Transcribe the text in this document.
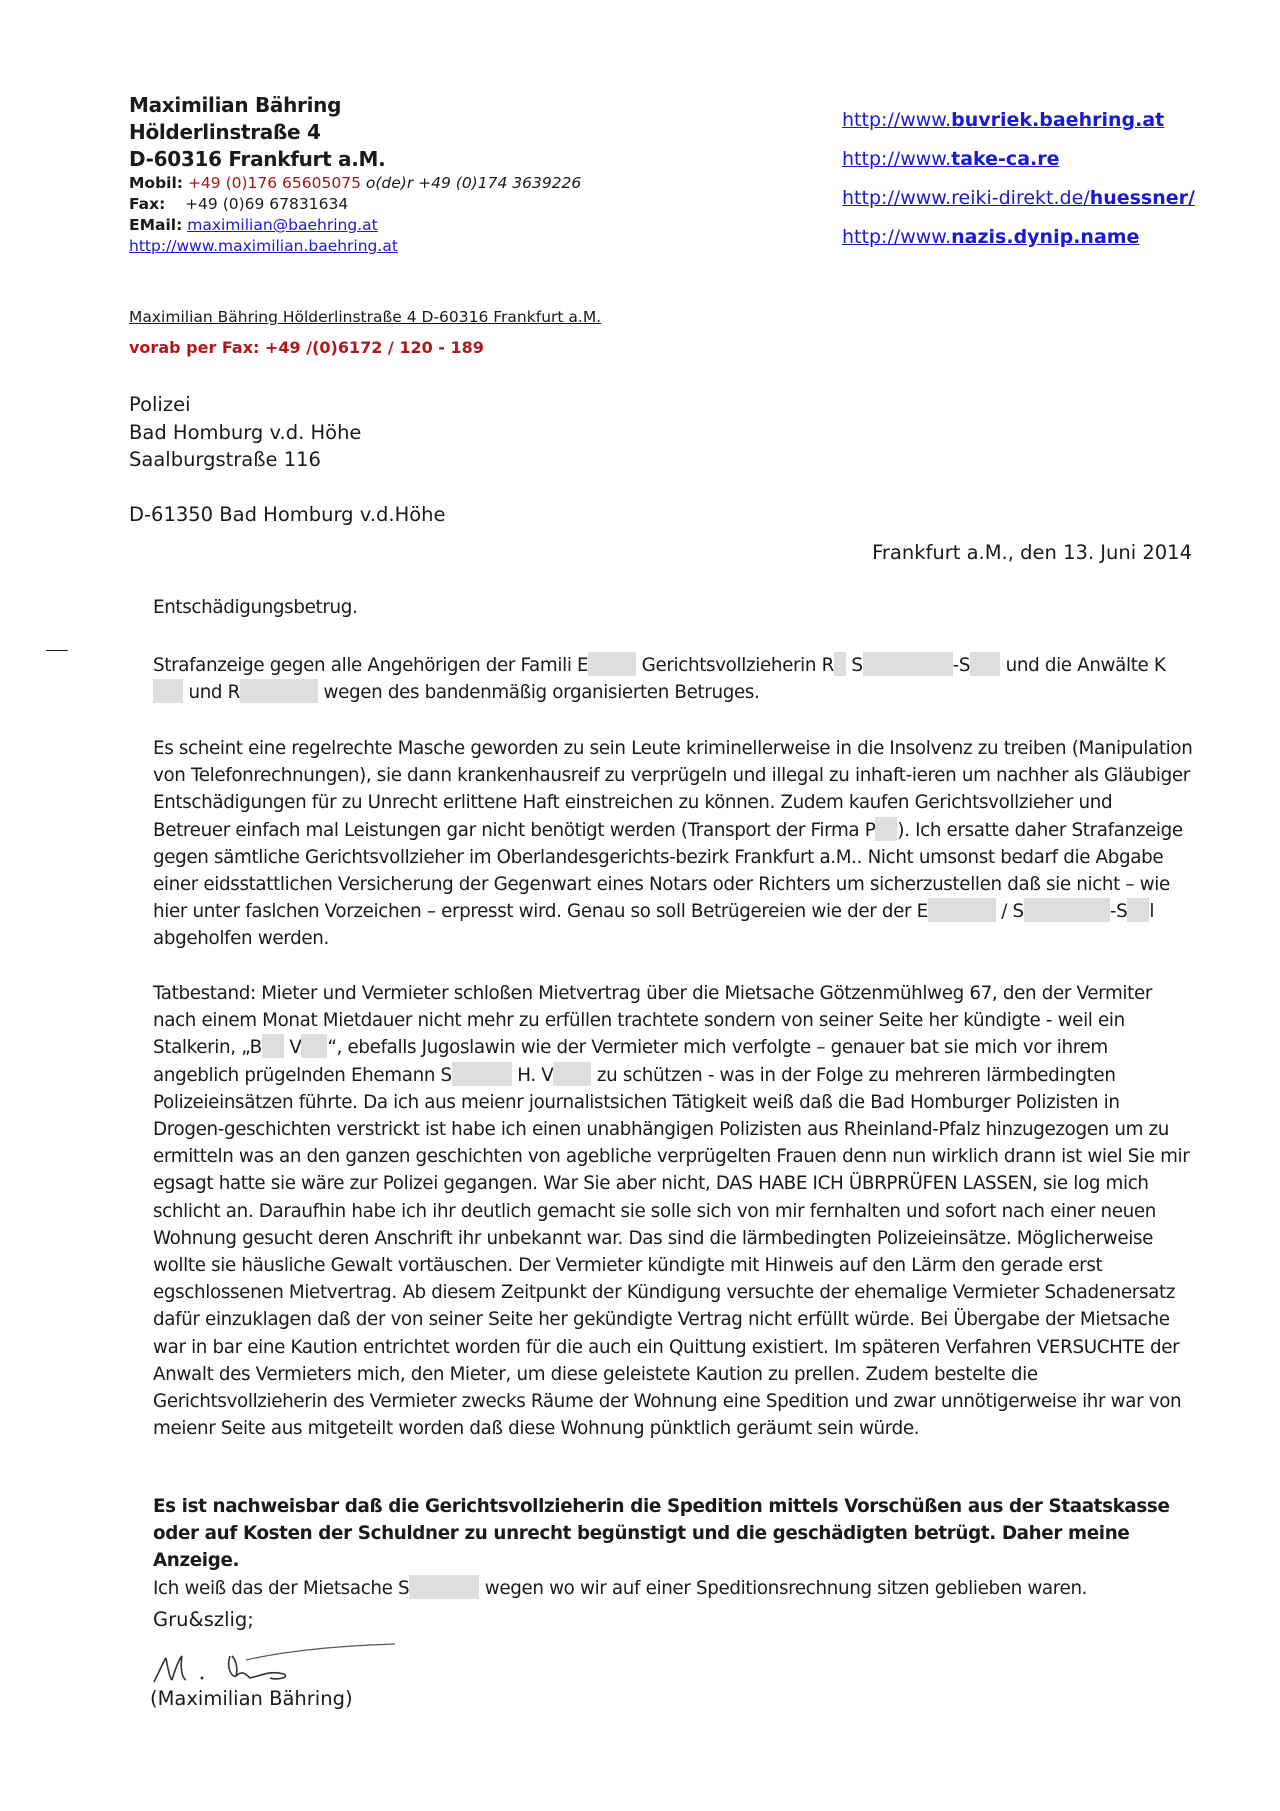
Maximilian Bähring
Hölderlinstraße 4
D-60316 Frankfurt a.M.
Mobil: +49 (0)176 65605075 o(de)r +49 (0)174 3639226
Fax: +49 (0)69 67831634
EMail: maximilian@baehring.at
http://www.maximilian.baehring.at
http://www.buvriek.baehring.at
http://www.take-ca.re
http://www.reiki-direkt.de/huessner/
http://www.nazis.dynip.name
Maximilian Bähring Hölderlinstraße 4 D-60316 Frankfurt a.M.
vorab per Fax: +49 /(0)6172 / 120 - 189
Polizei
Bad Homburg v.d. Höhe
Saalburgstraße 116
D-61350 Bad Homburg v.d.Höhe
Frankfurt a.M., den 13. Juni 2014
Entschädigungsbetrug.
Strafanzeige gegen alle Angehörigen der Famili E	Gerichtsvollzieherin R S	-S und die Anwälte K und R	wegen des bandenmäßig organisierten Betruges.
Es scheint eine regelrechte Masche geworden zu sein Leute kriminellerweise in die Insolvenz zu treiben (Manipulation von Telefonrechnungen), sie dann krankenhausreif zu verprügeln und illegal zu inhaft-ieren um nachher als Gläubiger Entschädigungen für zu Unrecht erlittene Haft einstreichen zu können. Zudem kaufen Gerichtsvollzieher und Betreuer einfach mal Leistungen gar nicht benötigt werden (Transport der Firma P ). Ich ersatte daher Strafanzeige gegen sämtliche Gerichtsvollzieher im Oberlandesgerichts-bezirk Frankfurt a.M.. Nicht umsonst bedarf die Abgabe einer eidsstattlichen Versicherung der Gegenwart eines Notars oder Richters um sicherzustellen daß sie nicht – wie hier unter faslchen Vorzeichen – erpresst wird. Genau so soll Betrügereien wie der der E	/ S	-S l abgeholfen werden.
Tatbestand: Mieter und Vermieter schloßen Mietvertrag über die Mietsache Götzenmühlweg 67, den der Vermiter nach einem Monat Mietdauer nicht mehr zu erfüllen trachtete sondern von seiner Seite her kündigte - weil ein Stalkerin, „B V “, ebefalls Jugoslawin wie der Vermieter mich verfolgte – genauer bat sie mich vor ihrem angeblich prügelnden Ehemann S	H. V zu schützen - was in der Folge zu mehreren lärmbedingten Polizeieinsätzen führte. Da ich aus meienr journalistsichen Tätigkeit weiß daß die Bad Homburger Polizisten in Drogen-geschichten verstrickt ist habe ich einen unabhängigen Polizisten aus Rheinland-Pfalz hinzugezogen um zu ermitteln was an den ganzen geschichten von agebliche verprügelten Frauen denn nun wirklich drann ist wiel Sie mir egsagt hatte sie wäre zur Polizei gegangen. War Sie aber nicht, DAS HABE ICH ÜBRPRÜFEN LASSEN, sie log mich schlicht an. Daraufhin habe ich ihr deutlich gemacht sie solle sich von mir fernhalten und sofort nach einer neuen Wohnung gesucht deren Anschrift ihr unbekannt war. Das sind die lärmbedingten Polizeieinsätze. Möglicherweise wollte sie häusliche Gewalt vortäuschen. Der Vermieter kündigte mit Hinweis auf den Lärm den gerade erst egschlossenen Mietvertrag. Ab diesem Zeitpunkt der Kündigung versuchte der ehemalige Vermieter Schadenersatz dafür einzuklagen daß der von seiner Seite her gekündigte Vertrag nicht erfüllt würde. Bei Übergabe der Mietsache war in bar eine Kaution entrichtet worden für die auch ein Quittung existiert. Im späteren Verfahren VERSUCHTE der Anwalt des Vermieters mich, den Mieter, um diese geleistete Kaution zu prellen. Zudem bestelte die Gerichtsvollzieherin des Vermieter zwecks Räume der Wohnung eine Spedition und zwar unnötigerweise ihr war von meienr Seite aus mitgeteilt worden daß diese Wohnung pünktlich geräumt sein würde.
Es ist nachweisbar daß die Gerichtsvollzieherin die Spedition mittels Vorschüßen aus der Staatskasse oder auf Kosten der Schuldner zu unrecht begünstigt und die geschädigten betrügt. Daher meine Anzeige.
Ich weiß das der Mietsache S	wegen wo wir auf einer Speditionsrechnung sitzen geblieben waren.
Gru&szlig;
(Maximilian Bähring)
